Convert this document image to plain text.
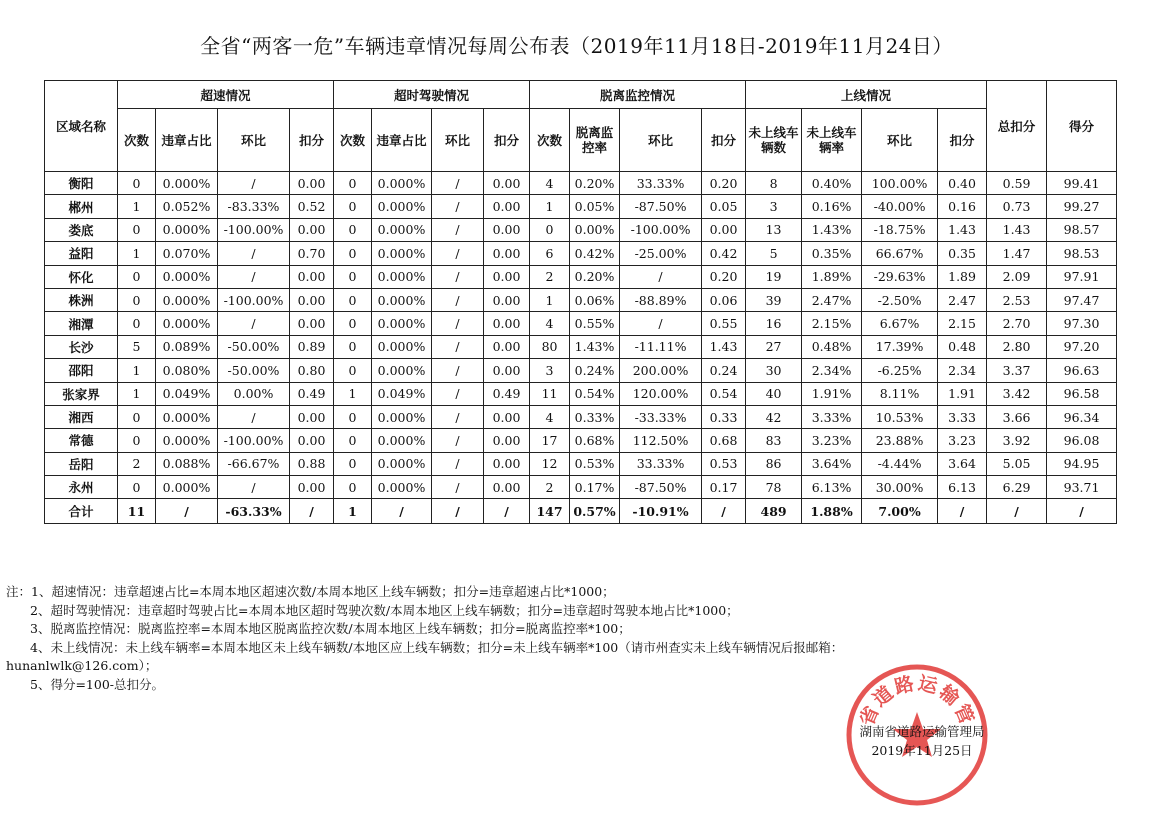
全省“两客一危”车辆违章情况每周公布表（2019年11月18日-2019年11月24日）
区域名称	超速情况				超时驾驶情况				脱离监控情况				上线情况				总扣分	得分
	次数	违章占比	环比	扣分	次数	违章占比	环比	扣分	次数	脱离监控率	环比	扣分	未上线车辆数	未上线车辆率	环比	扣分		
衡阳	0	0.000%	/	0.00	0	0.000%	/	0.00	4	0.20%	33.33%	0.20	8	0.40%	100.00%	0.40	0.59	99.41
郴州	1	0.052%	-83.33%	0.52	0	0.000%	/	0.00	1	0.05%	-87.50%	0.05	3	0.16%	-40.00%	0.16	0.73	99.27
娄底	0	0.000%	-100.00%	0.00	0	0.000%	/	0.00	0	0.00%	-100.00%	0.00	13	1.43%	-18.75%	1.43	1.43	98.57
益阳	1	0.070%	/	0.70	0	0.000%	/	0.00	6	0.42%	-25.00%	0.42	5	0.35%	66.67%	0.35	1.47	98.53
怀化	0	0.000%	/	0.00	0	0.000%	/	0.00	2	0.20%	/	0.20	19	1.89%	-29.63%	1.89	2.09	97.91
株洲	0	0.000%	-100.00%	0.00	0	0.000%	/	0.00	1	0.06%	-88.89%	0.06	39	2.47%	-2.50%	2.47	2.53	97.47
湘潭	0	0.000%	/	0.00	0	0.000%	/	0.00	4	0.55%	/	0.55	16	2.15%	6.67%	2.15	2.70	97.30
长沙	5	0.089%	-50.00%	0.89	0	0.000%	/	0.00	80	1.43%	-11.11%	1.43	27	0.48%	17.39%	0.48	2.80	97.20
邵阳	1	0.080%	-50.00%	0.80	0	0.000%	/	0.00	3	0.24%	200.00%	0.24	30	2.34%	-6.25%	2.34	3.37	96.63
张家界	1	0.049%	0.00%	0.49	1	0.049%	/	0.49	11	0.54%	120.00%	0.54	40	1.91%	8.11%	1.91	3.42	96.58
湘西	0	0.000%	/	0.00	0	0.000%	/	0.00	4	0.33%	-33.33%	0.33	42	3.33%	10.53%	3.33	3.66	96.34
常德	0	0.000%	-100.00%	0.00	0	0.000%	/	0.00	17	0.68%	112.50%	0.68	83	3.23%	23.88%	3.23	3.92	96.08
岳阳	2	0.088%	-66.67%	0.88	0	0.000%	/	0.00	12	0.53%	33.33%	0.53	86	3.64%	-4.44%	3.64	5.05	94.95
永州	0	0.000%	/	0.00	0	0.000%	/	0.00	2	0.17%	-87.50%	0.17	78	6.13%	30.00%	6.13	6.29	93.71
合计	11	/	-63.33%	/	1	/	/	/	147	0.57%	-10.91%	/	489	1.88%	7.00%	/	/	/
注：1、超速情况：违章超速占比=本周本地区超速次数/本周本地区上线车辆数；扣分=违章超速占比*1000；
2、超时驾驶情况：违章超时驾驶占比=本周本地区超时驾驶次数/本周本地区上线车辆数；扣分=违章超时驾驶本地占比*1000；
3、脱离监控情况：脱离监控率=本周本地区脱离监控次数/本周本地区上线车辆数；扣分=脱离监控率*100；
4、未上线情况：未上线车辆率=本周本地区未上线车辆数/本地区应上线车辆数；扣分=未上线车辆率*100（请市州查实未上线车辆情况后报邮箱：
hunanlwlk@126.com）；
5、得分=100-总扣分。
省道路运输管
湖南省道路运输管理局
2019年11月25日
